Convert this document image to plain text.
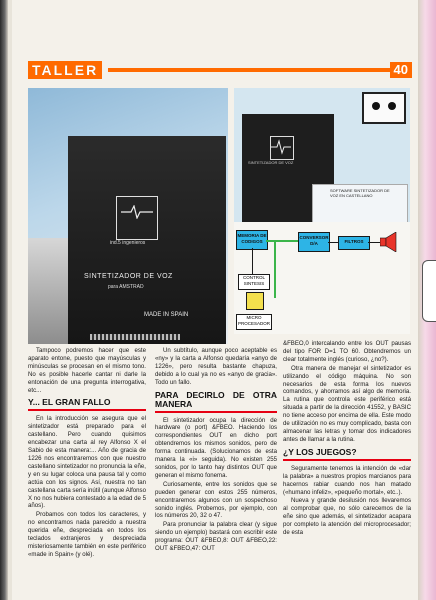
TALLER	40
ind.5 ingenieros
SINTETIZADOR DE VOZ
para AMSTRAD
MADE IN SPAIN
SINTETIZADOR DE VOZ
SOFTWARE SINTETIZADOR DE VOZ EN CASTELLANO
MEMORIA DE CODIGOS
CONVERSOR D/A	FILTROS
CONTROL SINTESIS
MICRO PROCESADOR

Tampoco podremos hacer que este aparato entone, puesto que mayúsculas y minúsculas se procesan en el mismo tono. No es posible hacerle cantar ni darle la entonación de una pregunta interrogativa, etc...

Y... EL GRAN FALLO

En la introducción se asegura que el sintetizador está preparado para el castellano. Pero cuando quisimos encabezar una carta al rey Alfonso X el Sabio de esta manera:... Año de gracia de 1226 nos encontraremos con que nuestro castellano sintetizador no pronuncia la eñe, y en su lugar coloca una pausa tal y como actúa con los signos. Así, nuestra no tan castellana carta sería inútil (aunque Alfonso X no nos hubiera contestado a la edad de 5 años).

Probamos con todos los caracteres, y no encontramos nada parecido a nuestra querida eñe, despreciada en todos los teclados extranjeros y despreciada misteriosamente también en este periférico «made in Spain» (y olé).

Un subtítulo, aunque poco aceptable es «ny» y la carta a Alfonso quedaría «anyo de 1226», pero resulta bastante chapuza, debido a lo cual ya no es «anyo de gracia». Todo un fallo.

PARA DECIRLO DE OTRA MANERA

El sintetizador ocupa la dirección de hardware (o port) &FBEO. Haciendo los correspondientes OUT en dicho port obtendremos los mismos sonidos, pero de forma continuada. (Solucionamos de esta manera la «i» seguida). No existen 255 sonidos, por lo tanto hay distintos OUT que generan el mismo fonema.

Curiosamente, entre los sonidos que se pueden generar con estos 255 números, encontraremos algunos con un sospechoso sonido inglés. Probemos, por ejemplo, con los números 20, 32 o 47.

Para pronunciar la palabra clear (y sigue siendo un ejemplo) bastará con escribir este programa: OUT &FBEO,8: OUT &FBEO,22: OUT &FBEO,47: OUT

&FBEO,0 intercalando entre los OUT pausas del tipo FOR D=1 TO 60. Obtendremos un clear totalmente inglés (curioso, ¿no?).

Otra manera de manejar el sintetizador es utilizando el código máquina. No son necesarios de esta forma los nuevos comandos, y ahorramos así algo de memoria. La rutina que controla este periférico está situada a partir de la dirección 41552, y BASIC no tiene acceso por encima de ella. Este modo de utilización no es muy complicado, basta con almacenar las letras y tomar dos indicadores antes de llamar a la rutina.

¿Y LOS JUEGOS?

Seguramente tenemos la intención de «dar la palabra» a nuestros propios marcianos para hacernos rabiar cuando nos han matado («humano infeliz», «pequeño mortal», etc..).

Nueva y grande desilusión nos llevaremos al comprobar que, no sólo carecemos de la eñe sino que además, el sintetizador acapara por completo la atención del microprocesador; de esta
